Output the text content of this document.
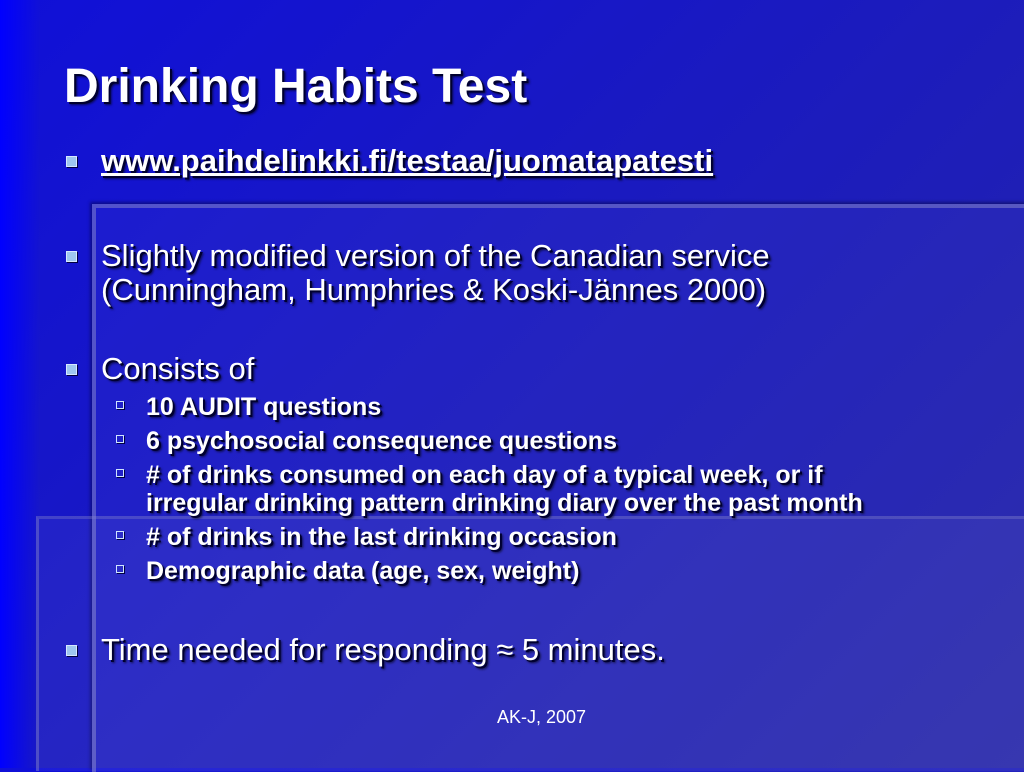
Drinking Habits Test
www.paihdelinkki.fi/testaa/juomatapatesti
Slightly modified version of the Canadian service
(Cunningham, Humphries & Koski-Jännes 2000)
Consists of
10 AUDIT questions
6 psychosocial consequence questions
# of drinks consumed on each day of a typical week, or if
irregular drinking pattern drinking diary over the past month
# of drinks in the last drinking occasion
Demographic data (age, sex, weight)
Time needed for responding ≈ 5 minutes.
AK-J, 2007
